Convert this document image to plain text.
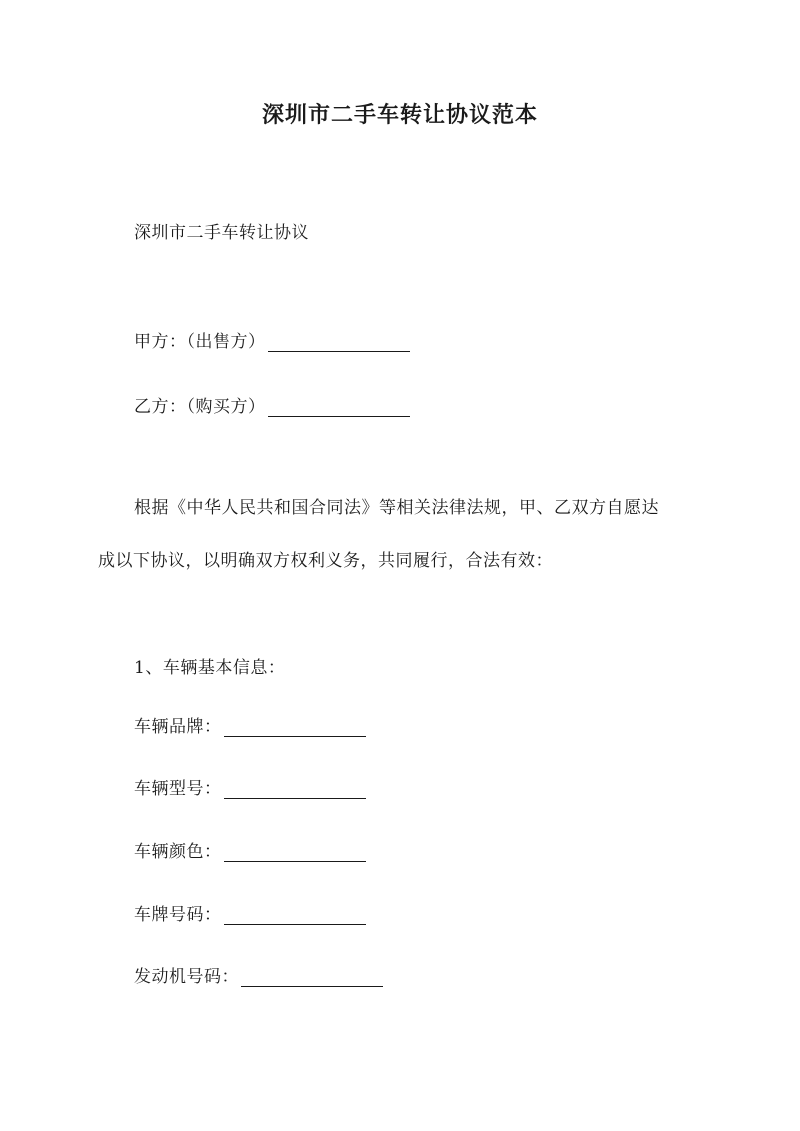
深圳市二手车转让协议范本
深圳市二手车转让协议
甲方：（出售方）
乙方：（购买方）
根据《中华人民共和国合同法》等相关法律法规，甲、乙双方自愿达
成以下协议，以明确双方权利义务，共同履行，合法有效：
1、车辆基本信息：
车辆品牌：
车辆型号：
车辆颜色：
车牌号码：
发动机号码：
